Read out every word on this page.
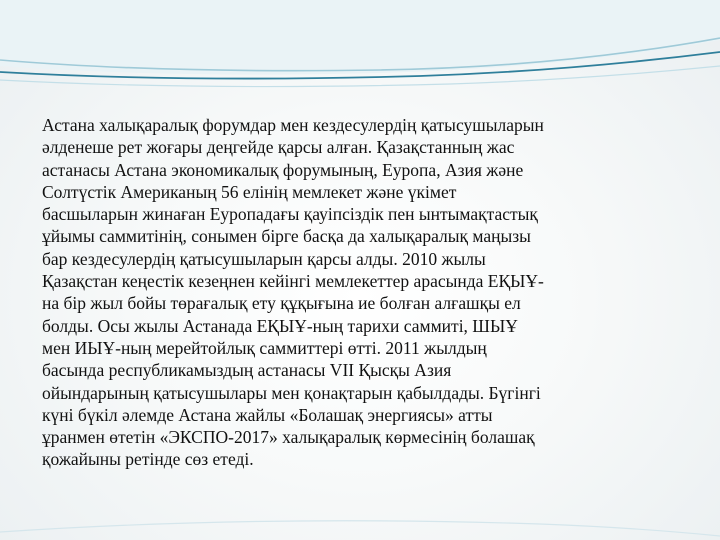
Астана халықаралық форумдар мен кездесулердің қатысушыларын
әлденеше рет жоғары деңгейде қарсы алған. Қазақстанның жас
астанасы Астана экономикалық форумының, Еуропа, Азия және
Солтүстік Американың 56 елінің мемлекет және үкімет
басшыларын жинаған Еуропадағы қауіпсіздік пен ынтымақтастық
ұйымы саммитінің, сонымен бірге басқа да халықаралық маңызы
бар кездесулердің қатысушыларын қарсы алды. 2010 жылы
Қазақстан кеңестік кезеңнен кейінгі мемлекеттер арасында ЕҚЫҰ-
на бір жыл бойы төрағалық ету құқығына ие болған алғашқы ел
болды. Осы жылы Астанада ЕҚЫҰ-ның тарихи саммиті, ШЫҰ
мен ИЫҰ-ның мерейтойлық саммиттері өтті. 2011 жылдың
басында республикамыздың астанасы VII Қысқы Азия
ойындарының қатысушылары мен қонақтарын қабылдады. Бүгінгі
күні бүкіл әлемде Астана жайлы «Болашақ энергиясы» атты
ұранмен өтетін «ЭКСПО-2017» халықаралық көрмесінің болашақ
қожайыны ретінде сөз етеді.
